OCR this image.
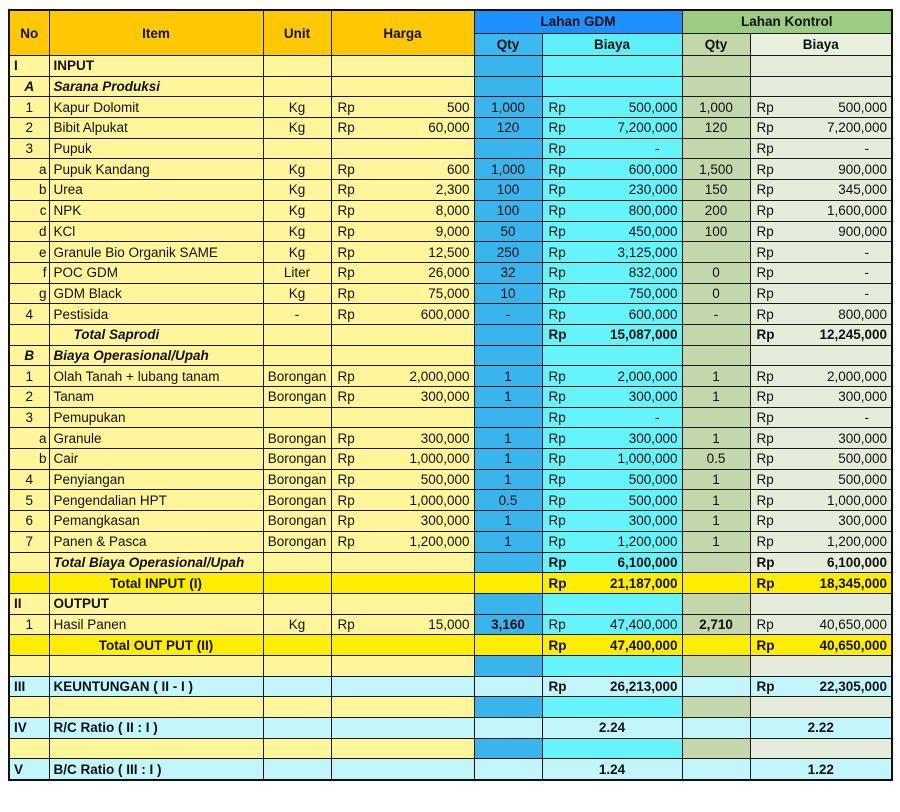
No	Item	Unit	Harga	Lahan GDM		Lahan Kontrol	
				Qty	Biaya	Qty	Biaya
I	INPUT						
A	Sarana Produksi						
1	Kapur Dolomit	Kg	Rp 500	1,000	Rp 500,000	1,000	Rp 500,000

2	Bibit Alpukat	Kg	Rp 60,000	120	Rp 7,200,000	120	Rp 7,200,000

3	Pupuk				Rp -		Rp -

a	Pupuk Kandang	Kg	Rp 600	1,000	Rp 600,000	1,500	Rp 900,000

b	Urea	Kg	Rp 2,300	100	Rp 230,000	150	Rp 345,000

c	NPK	Kg	Rp 8,000	100	Rp 800,000	200	Rp 1,600,000

d	KCl	Kg	Rp 9,000	50	Rp 450,000	100	Rp 900,000

e	Granule Bio Organik SAME	Kg	Rp 12,500	250	Rp 3,125,000		Rp -

f	POC GDM	Liter	Rp 26,000	32	Rp 832,000	0	Rp -

g	GDM Black	Kg	Rp 75,000	10	Rp 750,000	0	Rp -

4	Pestisida	-	Rp 600,000	-	Rp 600,000	-	Rp 800,000

	Total Saprodi				Rp 15,087,000		Rp 12,245,000

B	Biaya Operasional/Upah						
1	Olah Tanah + lubang tanam	Borongan	Rp 2,000,000	1	Rp 2,000,000	1	Rp 2,000,000

2	Tanam	Borongan	Rp 300,000	1	Rp 300,000	1	Rp 300,000

3	Pemupukan				Rp -		Rp -

a	Granule	Borongan	Rp 300,000	1	Rp 300,000	1	Rp 300,000

b	Cair	Borongan	Rp 1,000,000	1	Rp 1,000,000	0.5	Rp 500,000

4	Penyiangan	Borongan	Rp 500,000	1	Rp 500,000	1	Rp 500,000

5	Pengendalian HPT	Borongan	Rp 1,000,000	0.5	Rp 500,000	1	Rp 1,000,000

6	Pemangkasan	Borongan	Rp 300,000	1	Rp 300,000	1	Rp 300,000

7	Panen & Pasca	Borongan	Rp 1,200,000	1	Rp 1,200,000	1	Rp 1,200,000

	Total Biaya Operasional/Upah				Rp 6,100,000		Rp 6,100,000

	Total INPUT (I)				Rp 21,187,000		Rp 18,345,000

II	OUTPUT						
1	Hasil Panen	Kg	Rp 15,000	3,160	Rp 47,400,000	2,710	Rp 40,650,000

	Total OUT PUT (II)				Rp 47,400,000		Rp 40,650,000

III	KEUNTUNGAN ( II - I )				Rp 26,213,000		Rp 22,305,000

IV	R/C Ratio ( II : I )				2.24		2.22

V	B/C Ratio ( III : I )				1.24		1.22
